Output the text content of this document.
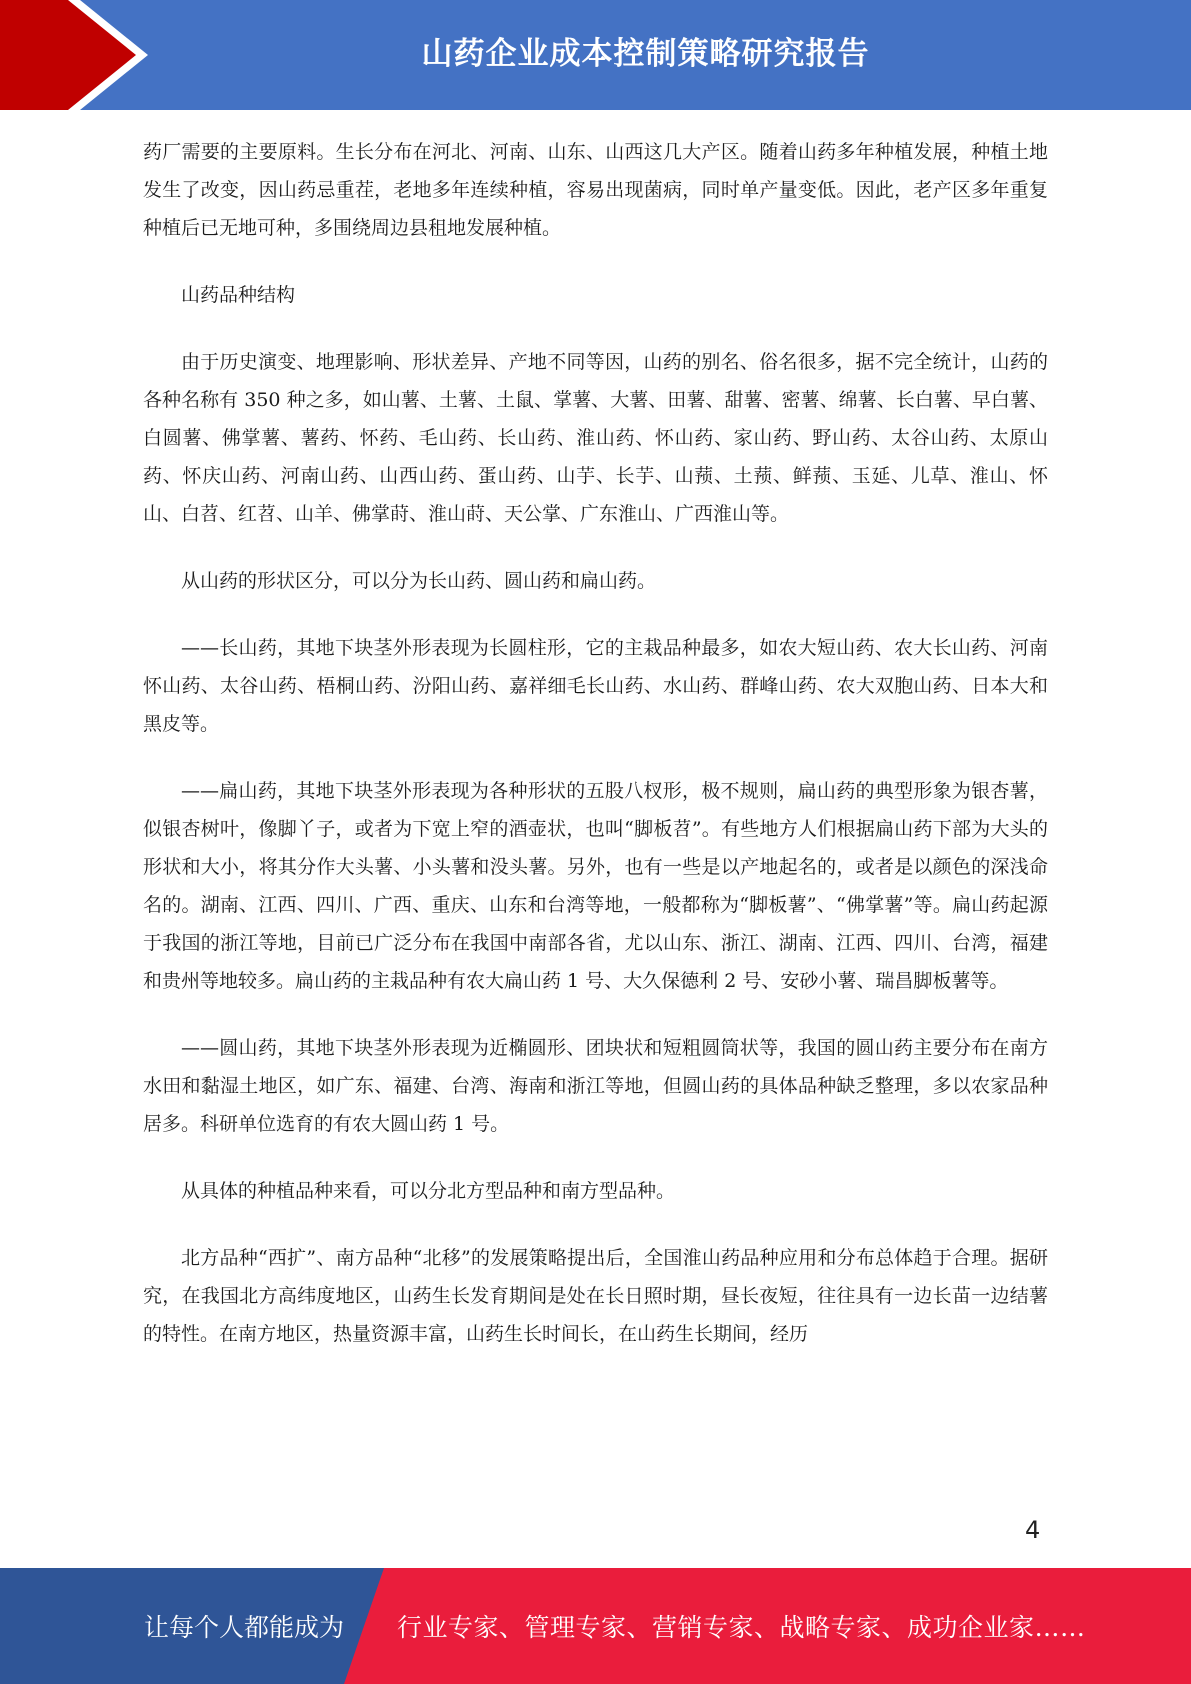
山药企业成本控制策略研究报告

药厂需要的主要原料。生长分布在河北、河南、山东、山西这几大产区。随着山药多年种植发展，种植土地发生了改变，因山药忌重茬，老地多年连续种植，容易出现菌病，同时单产量变低。因此，老产区多年重复种植后已无地可种，多围绕周边县租地发展种植。

山药品种结构

由于历史演变、地理影响、形状差异、产地不同等因，山药的别名、俗名很多，据不完全统计，山药的各种名称有 350 种之多，如山薯、土薯、土鼠、掌薯、大薯、田薯、甜薯、密薯、绵薯、长白薯、早白薯、白圆薯、佛掌薯、薯药、怀药、毛山药、长山药、淮山药、怀山药、家山药、野山药、太谷山药、太原山药、怀庆山药、河南山药、山西山药、蛋山药、山芋、长芋、山蓣、土蓣、鲜蓣、玉延、儿草、淮山、怀山、白苕、红苕、山羊、佛掌莳、淮山莳、天公掌、广东淮山、广西淮山等。

从山药的形状区分，可以分为长山药、圆山药和扁山药。

——长山药，其地下块茎外形表现为长圆柱形，它的主栽品种最多，如农大短山药、农大长山药、河南怀山药、太谷山药、梧桐山药、汾阳山药、嘉祥细毛长山药、水山药、群峰山药、农大双胞山药、日本大和黑皮等。

——扁山药，其地下块茎外形表现为各种形状的五股八杈形，极不规则，扁山药的典型形象为银杏薯，似银杏树叶，像脚丫子，或者为下宽上窄的酒壶状，也叫“脚板苕”。有些地方人们根据扁山药下部为大头的形状和大小，将其分作大头薯、小头薯和没头薯。另外，也有一些是以产地起名的，或者是以颜色的深浅命名的。湖南、江西、四川、广西、重庆、山东和台湾等地，一般都称为“脚板薯”、“佛掌薯”等。扁山药起源于我国的浙江等地，目前已广泛分布在我国中南部各省，尤以山东、浙江、湖南、江西、四川、台湾，福建和贵州等地较多。扁山药的主栽品种有农大扁山药 1 号、大久保德利 2 号、安砂小薯、瑞昌脚板薯等。

——圆山药，其地下块茎外形表现为近椭圆形、团块状和短粗圆筒状等，我国的圆山药主要分布在南方水田和黏湿土地区，如广东、福建、台湾、海南和浙江等地，但圆山药的具体品种缺乏整理，多以农家品种居多。科研单位选育的有农大圆山药 1 号。

从具体的种植品种来看，可以分北方型品种和南方型品种。

北方品种“西扩”、南方品种“北移”的发展策略提出后，全国淮山药品种应用和分布总体趋于合理。据研究，在我国北方高纬度地区，山药生长发育期间是处在长日照时期，昼长夜短，往往具有一边长苗一边结薯的特性。在南方地区，热量资源丰富，山药生长时间长，在山药生长期间，经历

4
让每个人都能成为 行业专家、管理专家、营销专家、战略专家、成功企业家……
